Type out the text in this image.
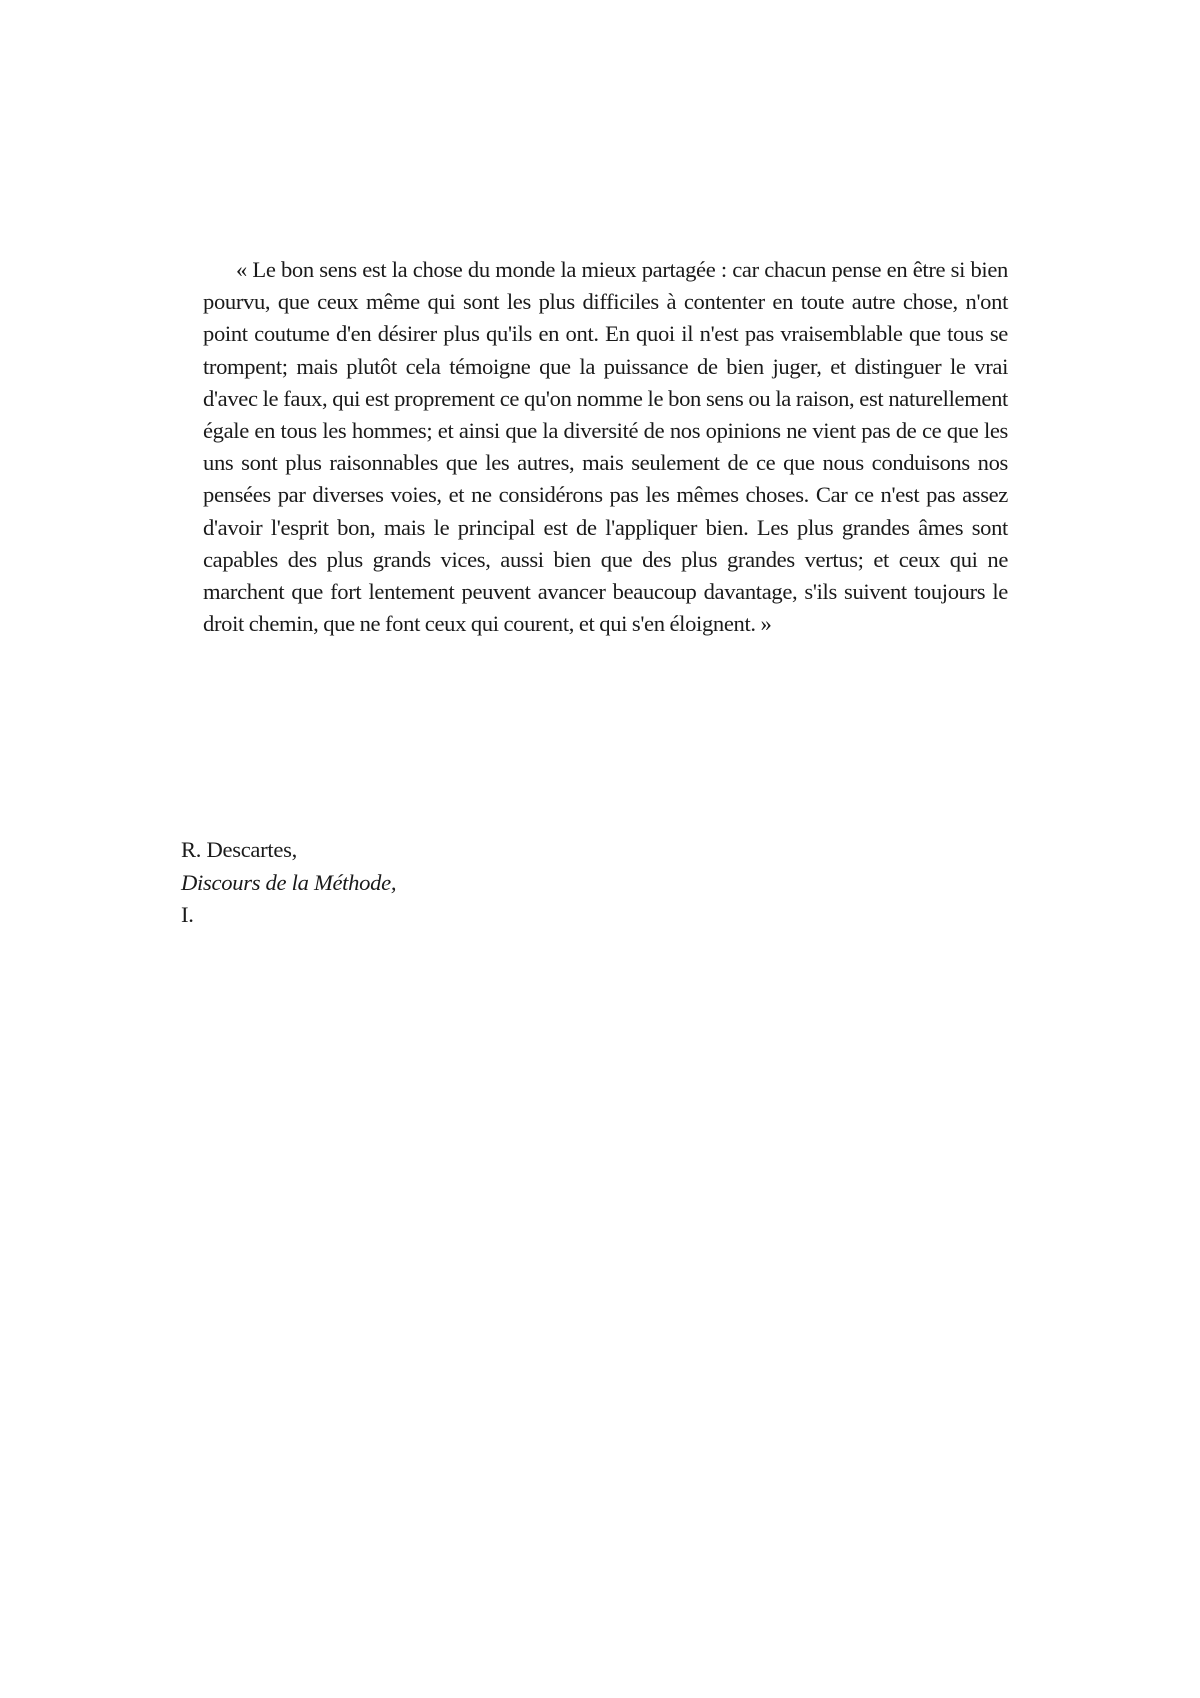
« Le bon sens est la chose du monde la mieux partagée : car chacun pense en être si bien pourvu, que ceux même qui sont les plus difficiles à contenter en toute autre chose, n'ont point coutume d'en désirer plus qu'ils en ont. En quoi il n'est pas vraisemblable que tous se trompent; mais plutôt cela témoigne que la puissance de bien juger, et distinguer le vrai d'avec le faux, qui est proprement ce qu'on nomme le bon sens ou la raison, est naturellement égale en tous les hommes; et ainsi que la diversité de nos opinions ne vient pas de ce que les uns sont plus raisonnables que les autres, mais seulement de ce que nous conduisons nos pensées par diverses voies, et ne considérons pas les mêmes choses. Car ce n'est pas assez d'avoir l'esprit bon, mais le principal est de l'appliquer bien. Les plus grandes âmes sont capables des plus grands vices, aussi bien que des plus grandes vertus; et ceux qui ne marchent que fort lentement peuvent avancer beaucoup davantage, s'ils suivent toujours le droit chemin, que ne font ceux qui courent, et qui s'en éloignent. »

R. Descartes,
Discours de la Méthode,
I.
